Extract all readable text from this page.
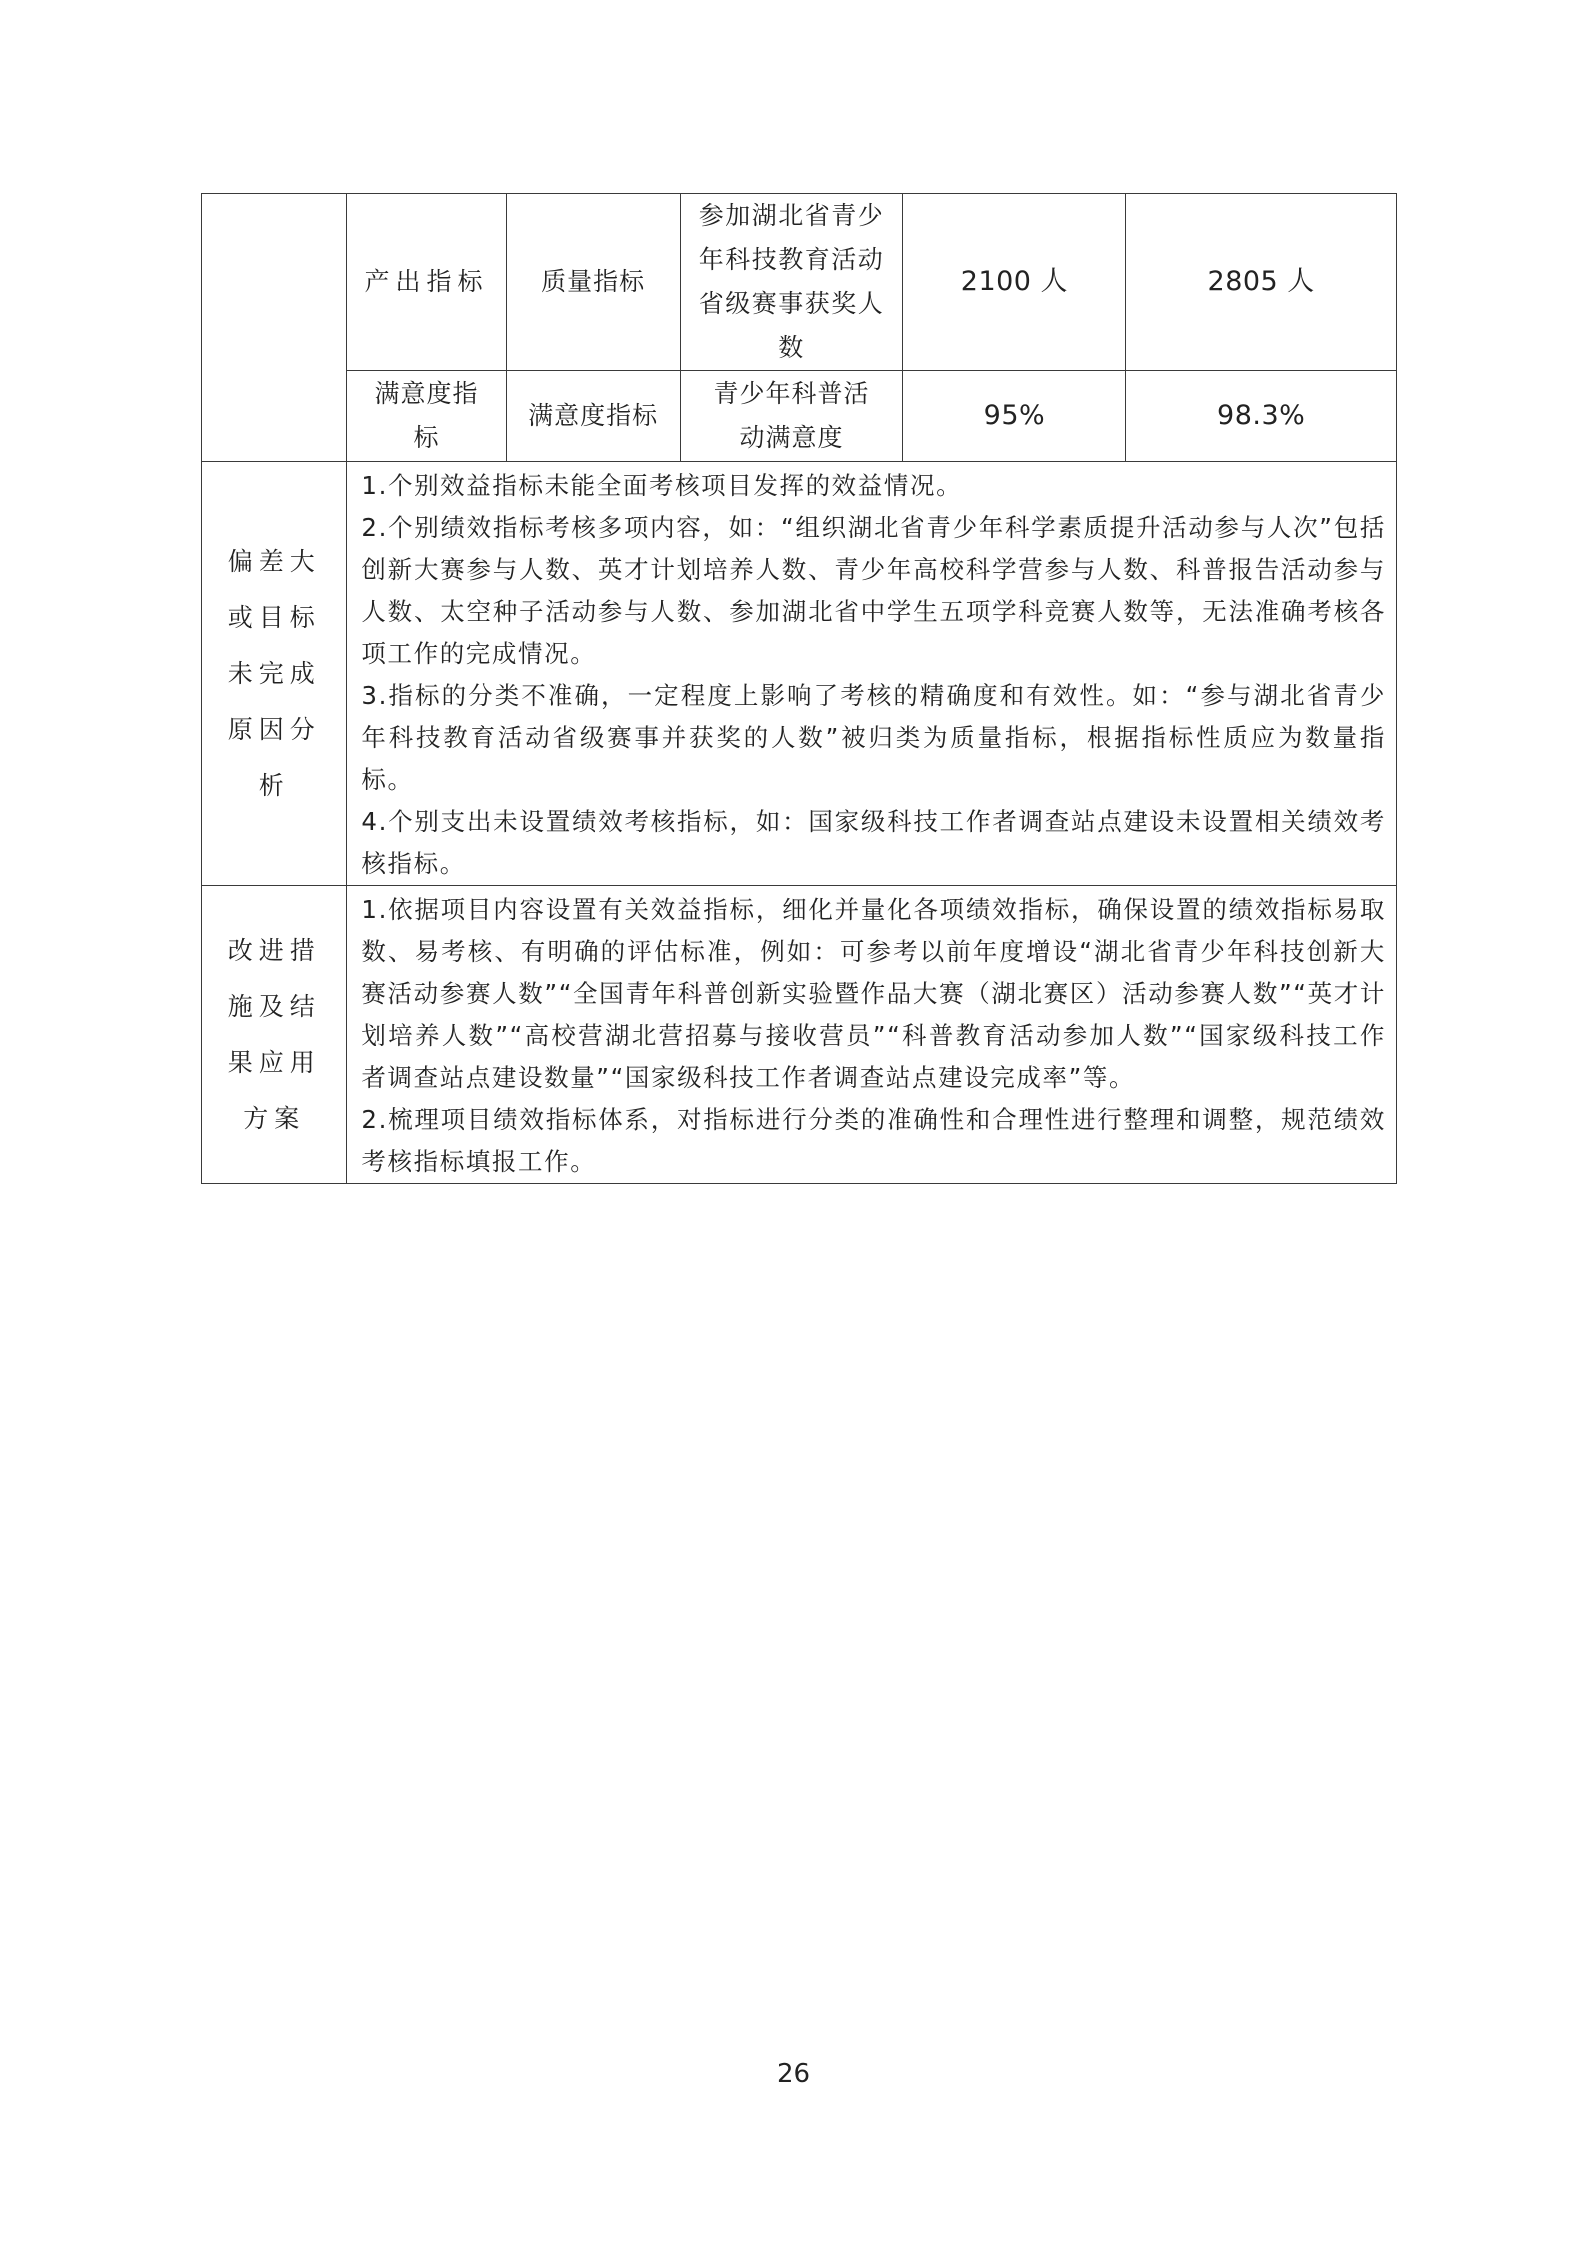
	产出指标	质量指标	参加湖北省青少年科技教育活动省级赛事获奖人数	2100 人	2805 人

	满意度指标	满意度指标	青少年科普活动满意度	95%	98.3%

偏差大或目标未完成原因分析	1.个别效益指标未能全面考核项目发挥的效益情况。

2.个别绩效指标考核多项内容，如：“组织湖北省青少年科学素质提升活动参与人次”包括创新大赛参与人数、英才计划培养人数、青少年高校科学营参与人数、科普报告活动参与人数、太空种子活动参与人数、参加湖北省中学生五项学科竞赛人数等，无法准确考核各项工作的完成情况。

3.指标的分类不准确，一定程度上影响了考核的精确度和有效性。如：“参与湖北省青少年科技教育活动省级赛事并获奖的人数”被归类为质量指标，根据指标性质应为数量指标。

4.个别支出未设置绩效考核指标，如：国家级科技工作者调查站点建设未设置相关绩效考核指标。				

改进措施及结果应用方案	1.依据项目内容设置有关效益指标，细化并量化各项绩效指标，确保设置的绩效指标易取数、易考核、有明确的评估标准，例如：可参考以前年度增设“湖北省青少年科技创新大赛活动参赛人数”“全国青年科普创新实验暨作品大赛（湖北赛区）活动参赛人数”“英才计划培养人数”“高校营湖北营招募与接收营员”“科普教育活动参加人数”“国家级科技工作者调查站点建设数量”“国家级科技工作者调查站点建设完成率”等。

2.梳理项目绩效指标体系，对指标进行分类的准确性和合理性进行整理和调整，规范绩效考核指标填报工作。				

26
